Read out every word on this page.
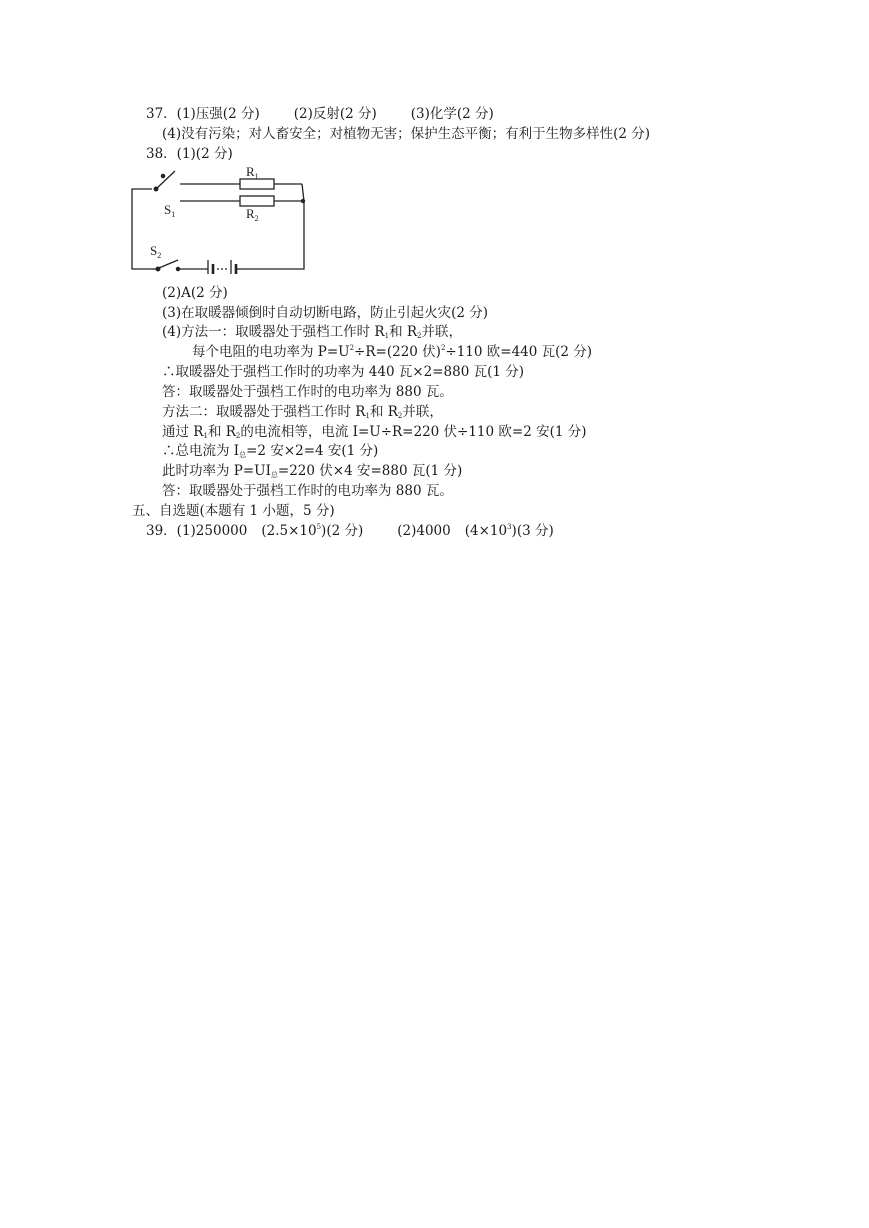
37．(1)压强(2 分)	(2)反射(2 分)	(3)化学(2 分)
(4)没有污染；对人畜安全；对植物无害；保护生态平衡；有利于生物多样性(2 分)
38．(1)(2 分)
$S_1$
$S_2$
$R_1$
$R_2$
(2)A(2 分)
(3)在取暖器倾倒时自动切断电路，防止引起火灾(2 分)
(4)方法一：取暖器处于强档工作时 $R_1$和 $R_2$并联，
每个电阻的电功率为 $P=U^2\div R=(220$ 伏)$^2$÷110 欧=440 瓦(2 分)
∴取暖器处于强档工作时的功率为 440 瓦×2=880 瓦(1 分)
答：取暖器处于强档工作时的电功率为 880 瓦。
方法二：取暖器处于强档工作时 $R_1$和 $R_2$并联，
通过 $R_1$和 $R_2$的电流相等，电流 I=U÷R=220 伏÷110 欧=2 安(1 分)
∴总电流为 $I_总=2$ 安×2=4 安(1 分)
此时功率为 $P=UI_总=220$ 伏×4 安=880 瓦(1 分)
答：取暖器处于强档工作时的电功率为 880 瓦。
五、自选题(本题有 1 小题，5 分)
39．(1)250000 $(2.5\times 10^5)(2$ 分)	(2)4000 $(4\times 10^3)(3$ 分)
